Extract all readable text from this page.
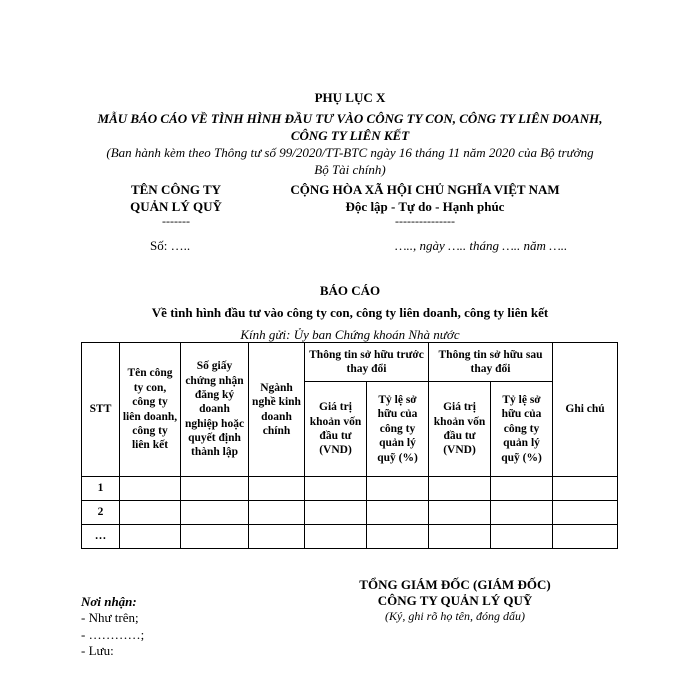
PHỤ LỤC X
MẪU BÁO CÁO VỀ TÌNH HÌNH ĐẦU TƯ VÀO CÔNG TY CON, CÔNG TY LIÊN DOANH,
CÔNG TY LIÊN KẾT
(Ban hành kèm theo Thông tư số 99/2020/TT-BTC ngày 16 tháng 11 năm 2020 của Bộ trưởng
Bộ Tài chính)
TÊN CÔNG TY
QUẢN LÝ QUỸ
-------
CỘNG HÒA XÃ HỘI CHỦ NGHĨA VIỆT NAM
Độc lập - Tự do - Hạnh phúc
---------------
Số: …..	….., ngày ….. tháng ….. năm …..
BÁO CÁO
Về tình hình đầu tư vào công ty con, công ty liên doanh, công ty liên kết
Kính gửi: Ủy ban Chứng khoán Nhà nước
STT	Tên công ty con, công ty liên doanh, công ty liên kết	Số giấy chứng nhận đăng ký doanh nghiệp hoặc quyết định thành lập	Ngành nghề kinh doanh chính	Thông tin sở hữu trước thay đổi		Thông tin sở hữu sau thay đổi		Ghi chú
				Giá trị khoản vốn đầu tư (VND)	Tỷ lệ sở hữu của công ty quản lý quỹ (%)	Giá trị khoản vốn đầu tư (VND)	Tỷ lệ sở hữu của công ty quản lý quỹ (%)	
1								
2								
…								
TỔNG GIÁM ĐỐC (GIÁM ĐỐC)
CÔNG TY QUẢN LÝ QUỸ
(Ký, ghi rõ họ tên, đóng dấu)
Nơi nhận:
- Như trên;
- …………;
- Lưu:
